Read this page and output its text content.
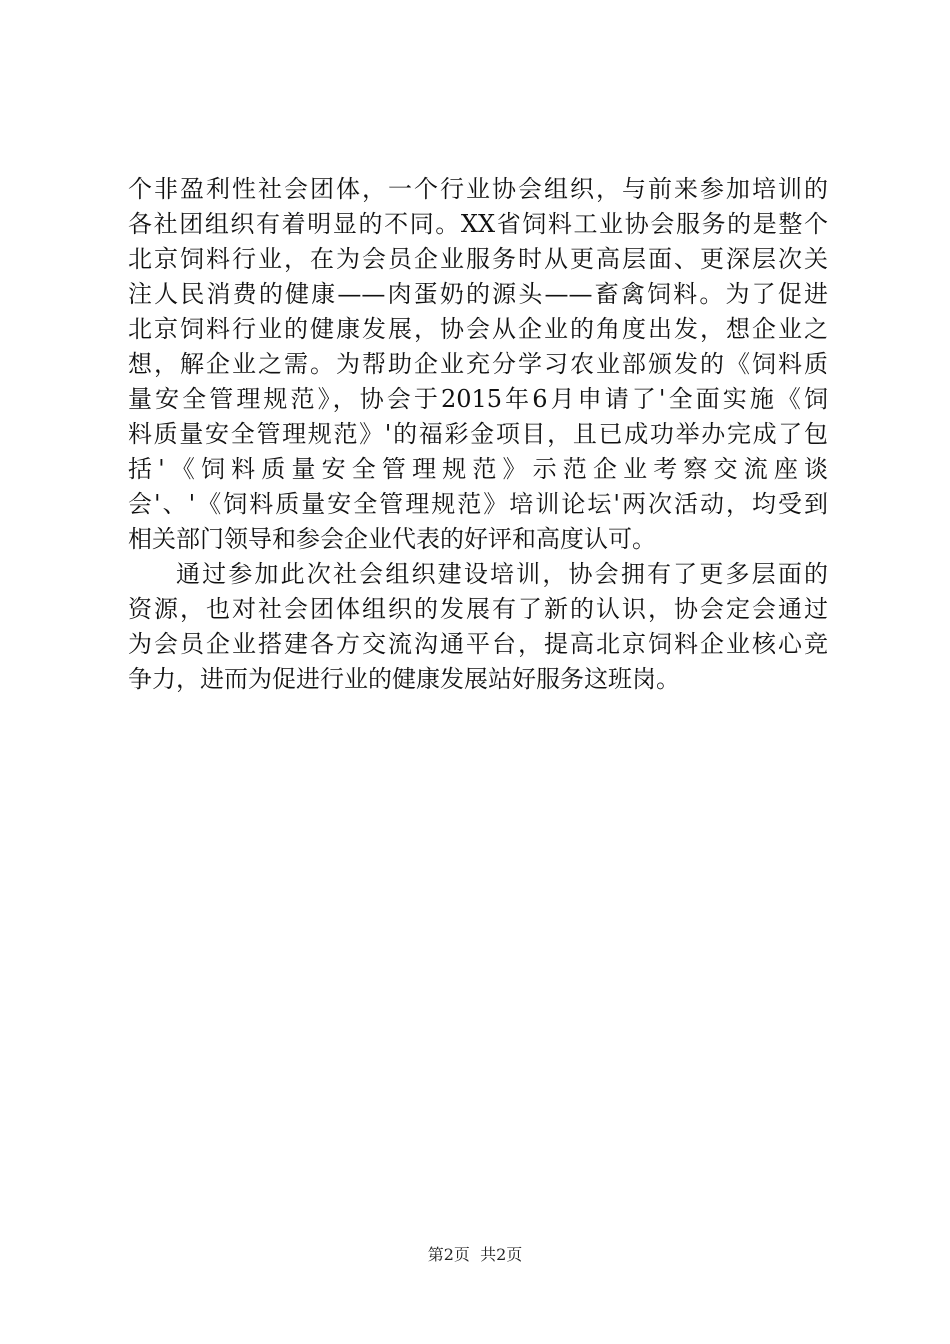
个非盈利性社会团体，一个行业协会组织，与前来参加培训的
各社团组织有着明显的不同。XX省饲料工业协会服务的是整个
北京饲料行业，在为会员企业服务时从更高层面、更深层次关
注人民消费的健康——肉蛋奶的源头——畜禽饲料。为了促进
北京饲料行业的健康发展，协会从企业的角度出发，想企业之
想，解企业之需。为帮助企业充分学习农业部颁发的《饲料质
量安全管理规范》，协会于2015年6月申请了'全面实施《饲
料质量安全管理规范》'的福彩金项目，且已成功举办完成了包
括'《饲料质量安全管理规范》示范企业考察交流座谈
会'、'《饲料质量安全管理规范》培训论坛'两次活动，均受到
相关部门领导和参会企业代表的好评和高度认可。
通过参加此次社会组织建设培训，协会拥有了更多层面的
资源，也对社会团体组织的发展有了新的认识，协会定会通过
为会员企业搭建各方交流沟通平台，提高北京饲料企业核心竞
争力，进而为促进行业的健康发展站好服务这班岗。
第2页  共2页
